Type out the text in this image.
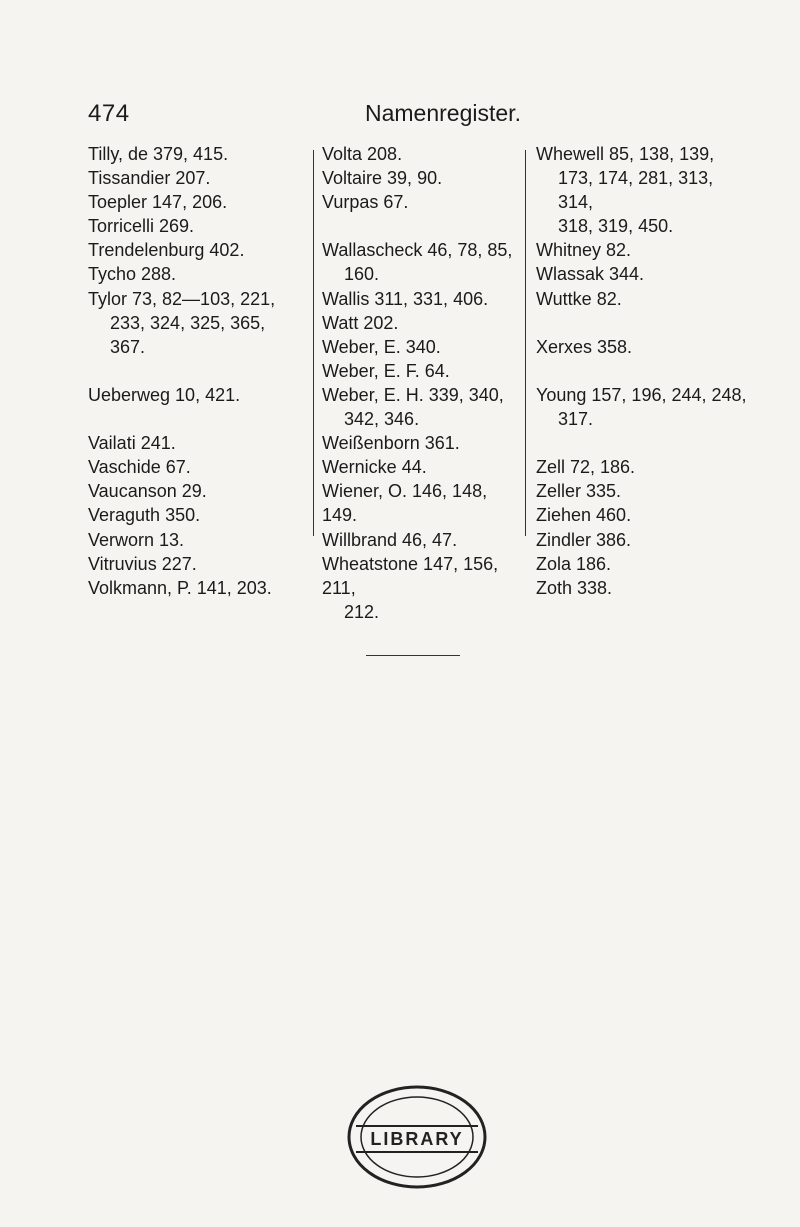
474	Namenregister.
Tilly, de 379, 415.
Tissandier 207.
Toepler 147, 206.
Torricelli 269.
Trendelenburg 402.
Tycho 288.
Tylor 73, 82—103, 221,
233, 324, 325, 365, 367.
Ueberweg 10, 421.
Vailati 241.
Vaschide 67.
Vaucanson 29.
Veraguth 350.
Verworn 13.
Vitruvius 227.
Volkmann, P. 141, 203.
Volta 208.
Voltaire 39, 90.
Vurpas 67.
Wallascheck 46, 78, 85,
160.
Wallis 311, 331, 406.
Watt 202.
Weber, E. 340.
Weber, E. F. 64.
Weber, E. H. 339, 340,
342, 346.
Weißenborn 361.
Wernicke 44.
Wiener, O. 146, 148, 149.
Willbrand 46, 47.
Wheatstone 147, 156, 211,
212.
Whewell 85, 138, 139,
173, 174, 281, 313, 314,
318, 319, 450.
Whitney 82.
Wlassak 344.
Wuttke 82.
Xerxes 358.
Young 157, 196, 244, 248,
317.
Zell 72, 186.
Zeller 335.
Ziehen 460.
Zindler 386.
Zola 186.
Zoth 338.
LIBRARY
